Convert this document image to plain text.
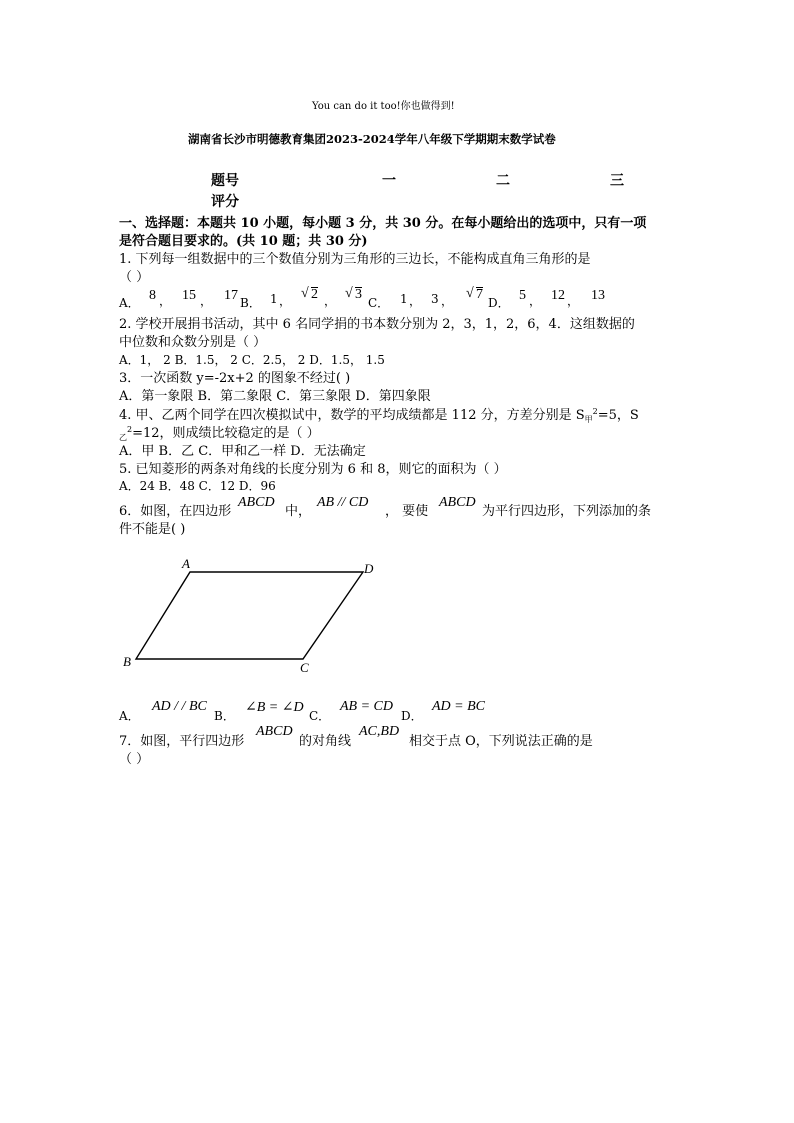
You can do it too!你也做得到!
湖南省长沙市明德教育集团2023-2024学年八年级下学期期末数学试卷
题号	一	二	三
评分
一、选择题：本题共 10 小题，每小题 3 分，共 30 分。在每小题给出的选项中，只有一项
是符合题目要求的。(共 10 题；共 30 分)
1. 下列每一组数据中的三个数值分别为三角形的三边长，不能构成直角三角形的是
（ ）
A． 8 ， 15 ， 17 B． 1 ， √ 2 ， √ 3
C． 1 ， 3 ， √ 7
D． 5 ， 12 ， 13
2. 学校开展捐书活动，其中 6 名同学捐的书本数分别为 2，3，1，2，6，4．这组数据的
中位数和众数分别是（ ）
A．1， 2 B．1.5， 2 C．2.5， 2 D．1.5， 1.5
3．一次函数 y=-2x+2 的图象不经过( )
A．第一象限 B．第二象限 C．第三象限 D．第四象限
4. 甲、乙两个同学在四次模拟试中，数学的平均成绩都是 112 分，方差分别是 $S_甲^2=5$，S
$_乙^2$=12，则成绩比较稳定的是（ ）
A．甲 B．乙 C．甲和乙一样 D．无法确定
5. 已知菱形的两条对角线的长度分别为 6 和 8，则它的面积为（ ）
A．24 B．48 C．12 D．96
6．如图，在四边形
ABCD
中，
AB // CD
， 要使
ABCD
为平行四边形，下列添加的条
件不能是( )
A	D
B	C
A．
AD / / BC
B．
∠B = ∠D
C．
AB = CD
D．
AD = BC
7．如图，平行四边形
ABCD
的对角线
AC,BD
相交于点 O，下列说法正确的是
（ ）
